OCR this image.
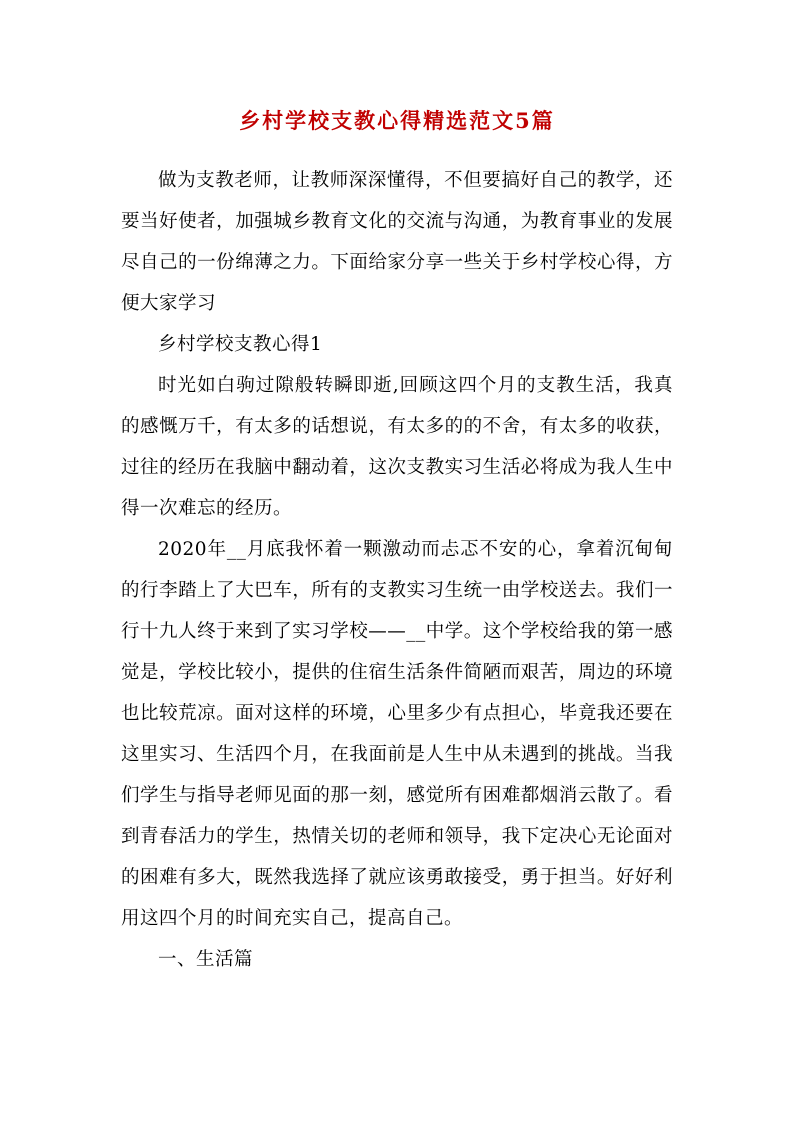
乡村学校支教心得精选范文5篇

做为支教老师，让教师深深懂得，不但要搞好自己的教学，还要当好使者，加强城乡教育文化的交流与沟通，为教育事业的发展尽自己的一份绵薄之力。下面给家分享一些关于乡村学校心得，方便大家学习

乡村学校支教心得1

时光如白驹过隙般转瞬即逝,回顾这四个月的支教生活，我真的感慨万千，有太多的话想说，有太多的的不舍，有太多的收获，过往的经历在我脑中翻动着，这次支教实习生活必将成为我人生中得一次难忘的经历。

2020年__月底我怀着一颗激动而忐忑不安的心，拿着沉甸甸的行李踏上了大巴车，所有的支教实习生统一由学校送去。我们一行十九人终于来到了实习学校——__中学。这个学校给我的第一感觉是，学校比较小，提供的住宿生活条件简陋而艰苦，周边的环境也比较荒凉。面对这样的环境，心里多少有点担心，毕竟我还要在这里实习、生活四个月，在我面前是人生中从未遇到的挑战。当我们学生与指导老师见面的那一刻，感觉所有困难都烟消云散了。看到青春活力的学生，热情关切的老师和领导，我下定决心无论面对的困难有多大，既然我选择了就应该勇敢接受，勇于担当。好好利用这四个月的时间充实自己，提高自己。

一、生活篇
